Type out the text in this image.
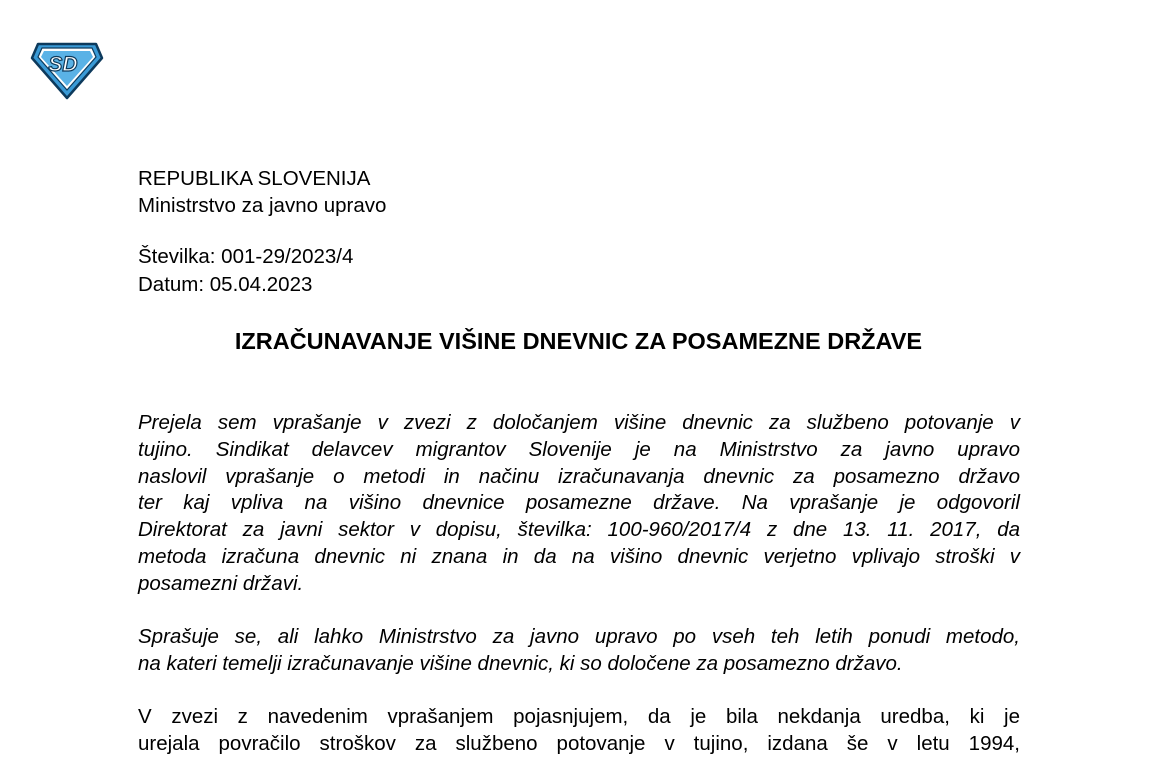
SD
REPUBLIKA SLOVENIJA
Ministrstvo za javno upravo
Številka: 001-29/2023/4
Datum: 05.04.2023
IZRAČUNAVANJE VIŠINE DNEVNIC ZA POSAMEZNE DRŽAVE
Prejela sem vprašanje v zvezi z določanjem višine dnevnic za službeno potovanje v
tujino. Sindikat delavcev migrantov Slovenije je na Ministrstvo za javno upravo
naslovil vprašanje o metodi in načinu izračunavanja dnevnic za posamezno državo
ter kaj vpliva na višino dnevnice posamezne države. Na vprašanje je odgovoril
Direktorat za javni sektor v dopisu, številka: 100-960/2017/4 z dne 13. 11. 2017, da
metoda izračuna dnevnic ni znana in da na višino dnevnic verjetno vplivajo stroški v
posamezni državi.
Sprašuje se, ali lahko Ministrstvo za javno upravo po vseh teh letih ponudi metodo,
na kateri temelji izračunavanje višine dnevnic, ki so določene za posamezno državo.
V zvezi z navedenim vprašanjem pojasnjujem, da je bila nekdanja uredba, ki je
urejala povračilo stroškov za službeno potovanje v tujino, izdana še v letu 1994,
